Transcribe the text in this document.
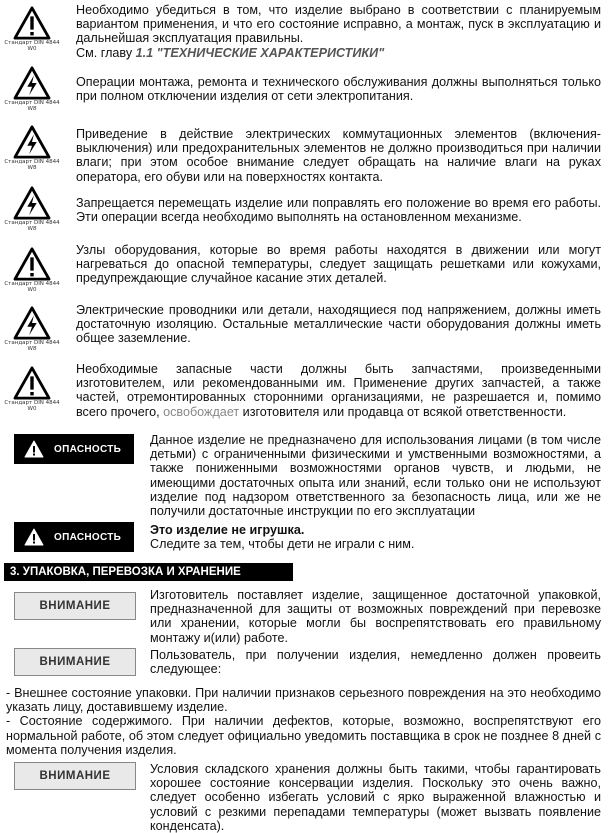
Стандарт DIN 4844 W0

Необходимо убедиться в том, что изделие выбрано в соответствии с планируемым вариантом применения, и что его состояние исправно, а монтаж, пуск в эксплуатацию и дальнейшая эксплуатация правильны.

См. главу 1.1 "ТЕХНИЧЕСКИЕ ХАРАКТЕРИСТИКИ"

Стандарт DIN 4844 W8

Операции монтажа, ремонта и технического обслуживания должны выполняться только при полном отключении изделия от сети электропитания.

Стандарт DIN 4844 W8

Приведение в действие электрических коммутационных элементов (включения-выключения) или предохранительных элементов не должно производиться при наличии влаги; при этом особое внимание следует обращать на наличие влаги на руках оператора, его обуви или на поверхностях контакта.

Стандарт DIN 4844 W8

Запрещается перемещать изделие или поправлять его положение во время его работы. Эти операции всегда необходимо выполнять на остановленном механизме.

Стандарт DIN 4844 W0

Узлы оборудования, которые во время работы находятся в движении или могут нагреваться до опасной температуры, следует защищать решетками или кожухами, предупреждающие случайное касание этих деталей.

Стандарт DIN 4844 W8

Электрические проводники или детали, находящиеся под напряжением, должны иметь достаточную изоляцию. Остальные металлические части оборудования должны иметь общее заземление.

Стандарт DIN 4844 W0

Необходимые запасные части должны быть запчастями, произведенными изготовителем, или рекомендованными им. Применение других запчастей, а также частей, отремонтированных сторонними организациями, не разрешается и, помимо всего прочего, освобождает изготовителя или продавца от всякой ответственности.

ОПАСНОСТЬ

Данное изделие не предназначено для использования лицами (в том числе детьми) с ограниченными физическими и умственными возможностями, а также пониженными возможностями органов чувств, и людьми, не имеющими достаточных опыта или знаний, если только они не используют изделие под надзором ответственного за безопасность лица, или же не получили достаточные инструкции по его эксплуатации

ОПАСНОСТЬ Это изделие не игрушка.

Следите за тем, чтобы дети не играли с ним.

3. УПАКОВКА, ПЕРЕВОЗКА И ХРАНЕНИЕ
ВНИМАНИЕ

Изготовитель поставляет изделие, защищенное достаточной упаковкой, предназначенной для защиты от возможных повреждений при перевозке или хранении, которые могли бы воспрепятствовать его правильному монтажу и(или) работе.

ВНИМАНИЕ	Пользователь, при получении изделия, немедленно должен провеить следующее:

- Внешнее состояние упаковки. При наличии признаков серьезного повреждения на это необходимо указать лицу, доставившему изделие.

- Состояние содержимого. При наличии дефектов, которые, возможно, воспрепятствуют его нормальной работе, об этом следует официально уведомить поставщика в срок не позднее 8 дней с момента получения изделия.

ВНИМАНИЕ	Условия складского хранения должны быть такими, чтобы гарантировать хорошее состояние консервации изделия. Поскольку это очень важно, следует особенно избегать условий с ярко выраженной влажностью и условий с резкими перепадами температуры (может вызвать появление конденсата).
